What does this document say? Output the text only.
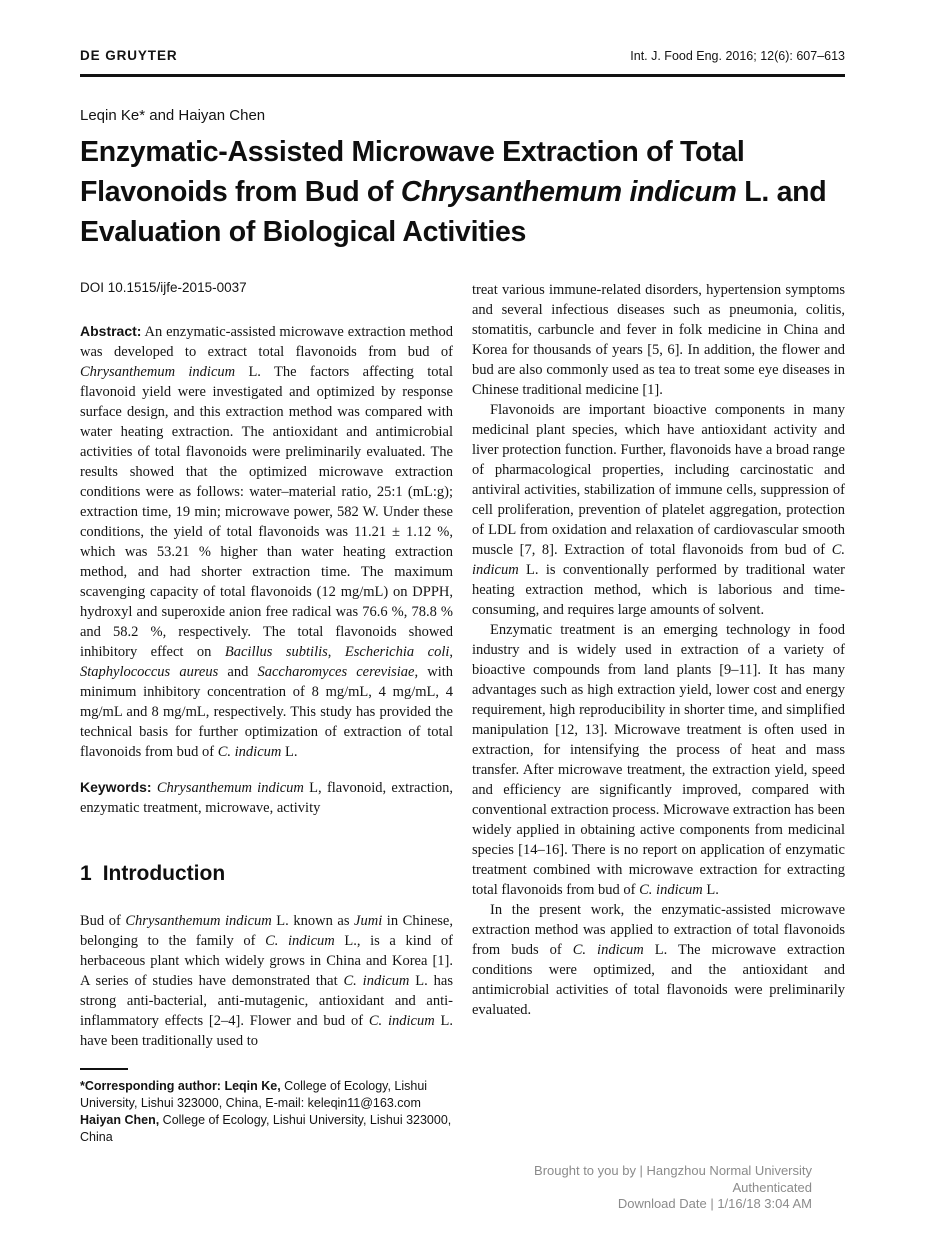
DE GRUYTER	Int. J. Food Eng. 2016; 12(6): 607–613
Leqin Ke* and Haiyan Chen
Enzymatic-Assisted Microwave Extraction of Total Flavonoids from Bud of Chrysanthemum indicum L. and Evaluation of Biological Activities
DOI 10.1515/ijfe-2015-0037

Abstract: An enzymatic-assisted microwave extraction method was developed to extract total flavonoids from bud of Chrysanthemum indicum L. The factors affecting total flavonoid yield were investigated and optimized by response surface design, and this extraction method was compared with water heating extraction. The antioxidant and antimicrobial activities of total flavonoids were preliminarily evaluated. The results showed that the optimized microwave extraction conditions were as follows: water–material ratio, 25:1 (mL:g); extraction time, 19 min; microwave power, 582 W. Under these conditions, the yield of total flavonoids was 11.21 ± 1.12 %, which was 53.21 % higher than water heating extraction method, and had shorter extraction time. The maximum scavenging capacity of total flavonoids (12 mg/mL) on DPPH, hydroxyl and superoxide anion free radical was 76.6 %, 78.8 % and 58.2 %, respectively. The total flavonoids showed inhibitory effect on Bacillus subtilis, Escherichia coli, Staphylococcus aureus and Saccharomyces cerevisiae, with minimum inhibitory concentration of 8 mg/mL, 4 mg/mL, 4 mg/mL and 8 mg/mL, respectively. This study has provided the technical basis for further optimization of extraction of total flavonoids from bud of C. indicum L.

Keywords: Chrysanthemum indicum L, flavonoid, extraction, enzymatic treatment, microwave, activity

1 Introduction

Bud of Chrysanthemum indicum L. known as Jumi in Chinese, belonging to the family of C. indicum L., is a kind of herbaceous plant which widely grows in China and Korea [1]. A series of studies have demonstrated that C. indicum L. has strong anti-bacterial, anti-mutagenic, antioxidant and anti-inflammatory effects [2–4]. Flower and bud of C. indicum L. have been traditionally used to

*Corresponding author: Leqin Ke, College of Ecology, Lishui University, Lishui 323000, China, E-mail: keleqin11@163.com

Haiyan Chen, College of Ecology, Lishui University, Lishui 323000, China

treat various immune-related disorders, hypertension symptoms and several infectious diseases such as pneumonia, colitis, stomatitis, carbuncle and fever in folk medicine in China and Korea for thousands of years [5, 6]. In addition, the flower and bud are also commonly used as tea to treat some eye diseases in Chinese traditional medicine [1].

Flavonoids are important bioactive components in many medicinal plant species, which have antioxidant activity and liver protection function. Further, flavonoids have a broad range of pharmacological properties, including carcinostatic and antiviral activities, stabilization of immune cells, suppression of cell proliferation, prevention of platelet aggregation, protection of LDL from oxidation and relaxation of cardiovascular smooth muscle [7, 8]. Extraction of total flavonoids from bud of C. indicum L. is conventionally performed by traditional water heating extraction method, which is laborious and time-consuming, and requires large amounts of solvent.

Enzymatic treatment is an emerging technology in food industry and is widely used in extraction of a variety of bioactive compounds from land plants [9–11]. It has many advantages such as high extraction yield, lower cost and energy requirement, high reproducibility in shorter time, and simplified manipulation [12, 13]. Microwave treatment is often used in extraction, for intensifying the process of heat and mass transfer. After microwave treatment, the extraction yield, speed and efficiency are significantly improved, compared with conventional extraction process. Microwave extraction has been widely applied in obtaining active components from medicinal species [14–16]. There is no report on application of enzymatic treatment combined with microwave extraction for extracting total flavonoids from bud of C. indicum L.

In the present work, the enzymatic-assisted microwave extraction method was applied to extraction of total flavonoids from buds of C. indicum L. The microwave extraction conditions were optimized, and the antioxidant and antimicrobial activities of total flavonoids were preliminarily evaluated.

Brought to you by | Hangzhou Normal University
Authenticated
Download Date | 1/16/18 3:04 AM
